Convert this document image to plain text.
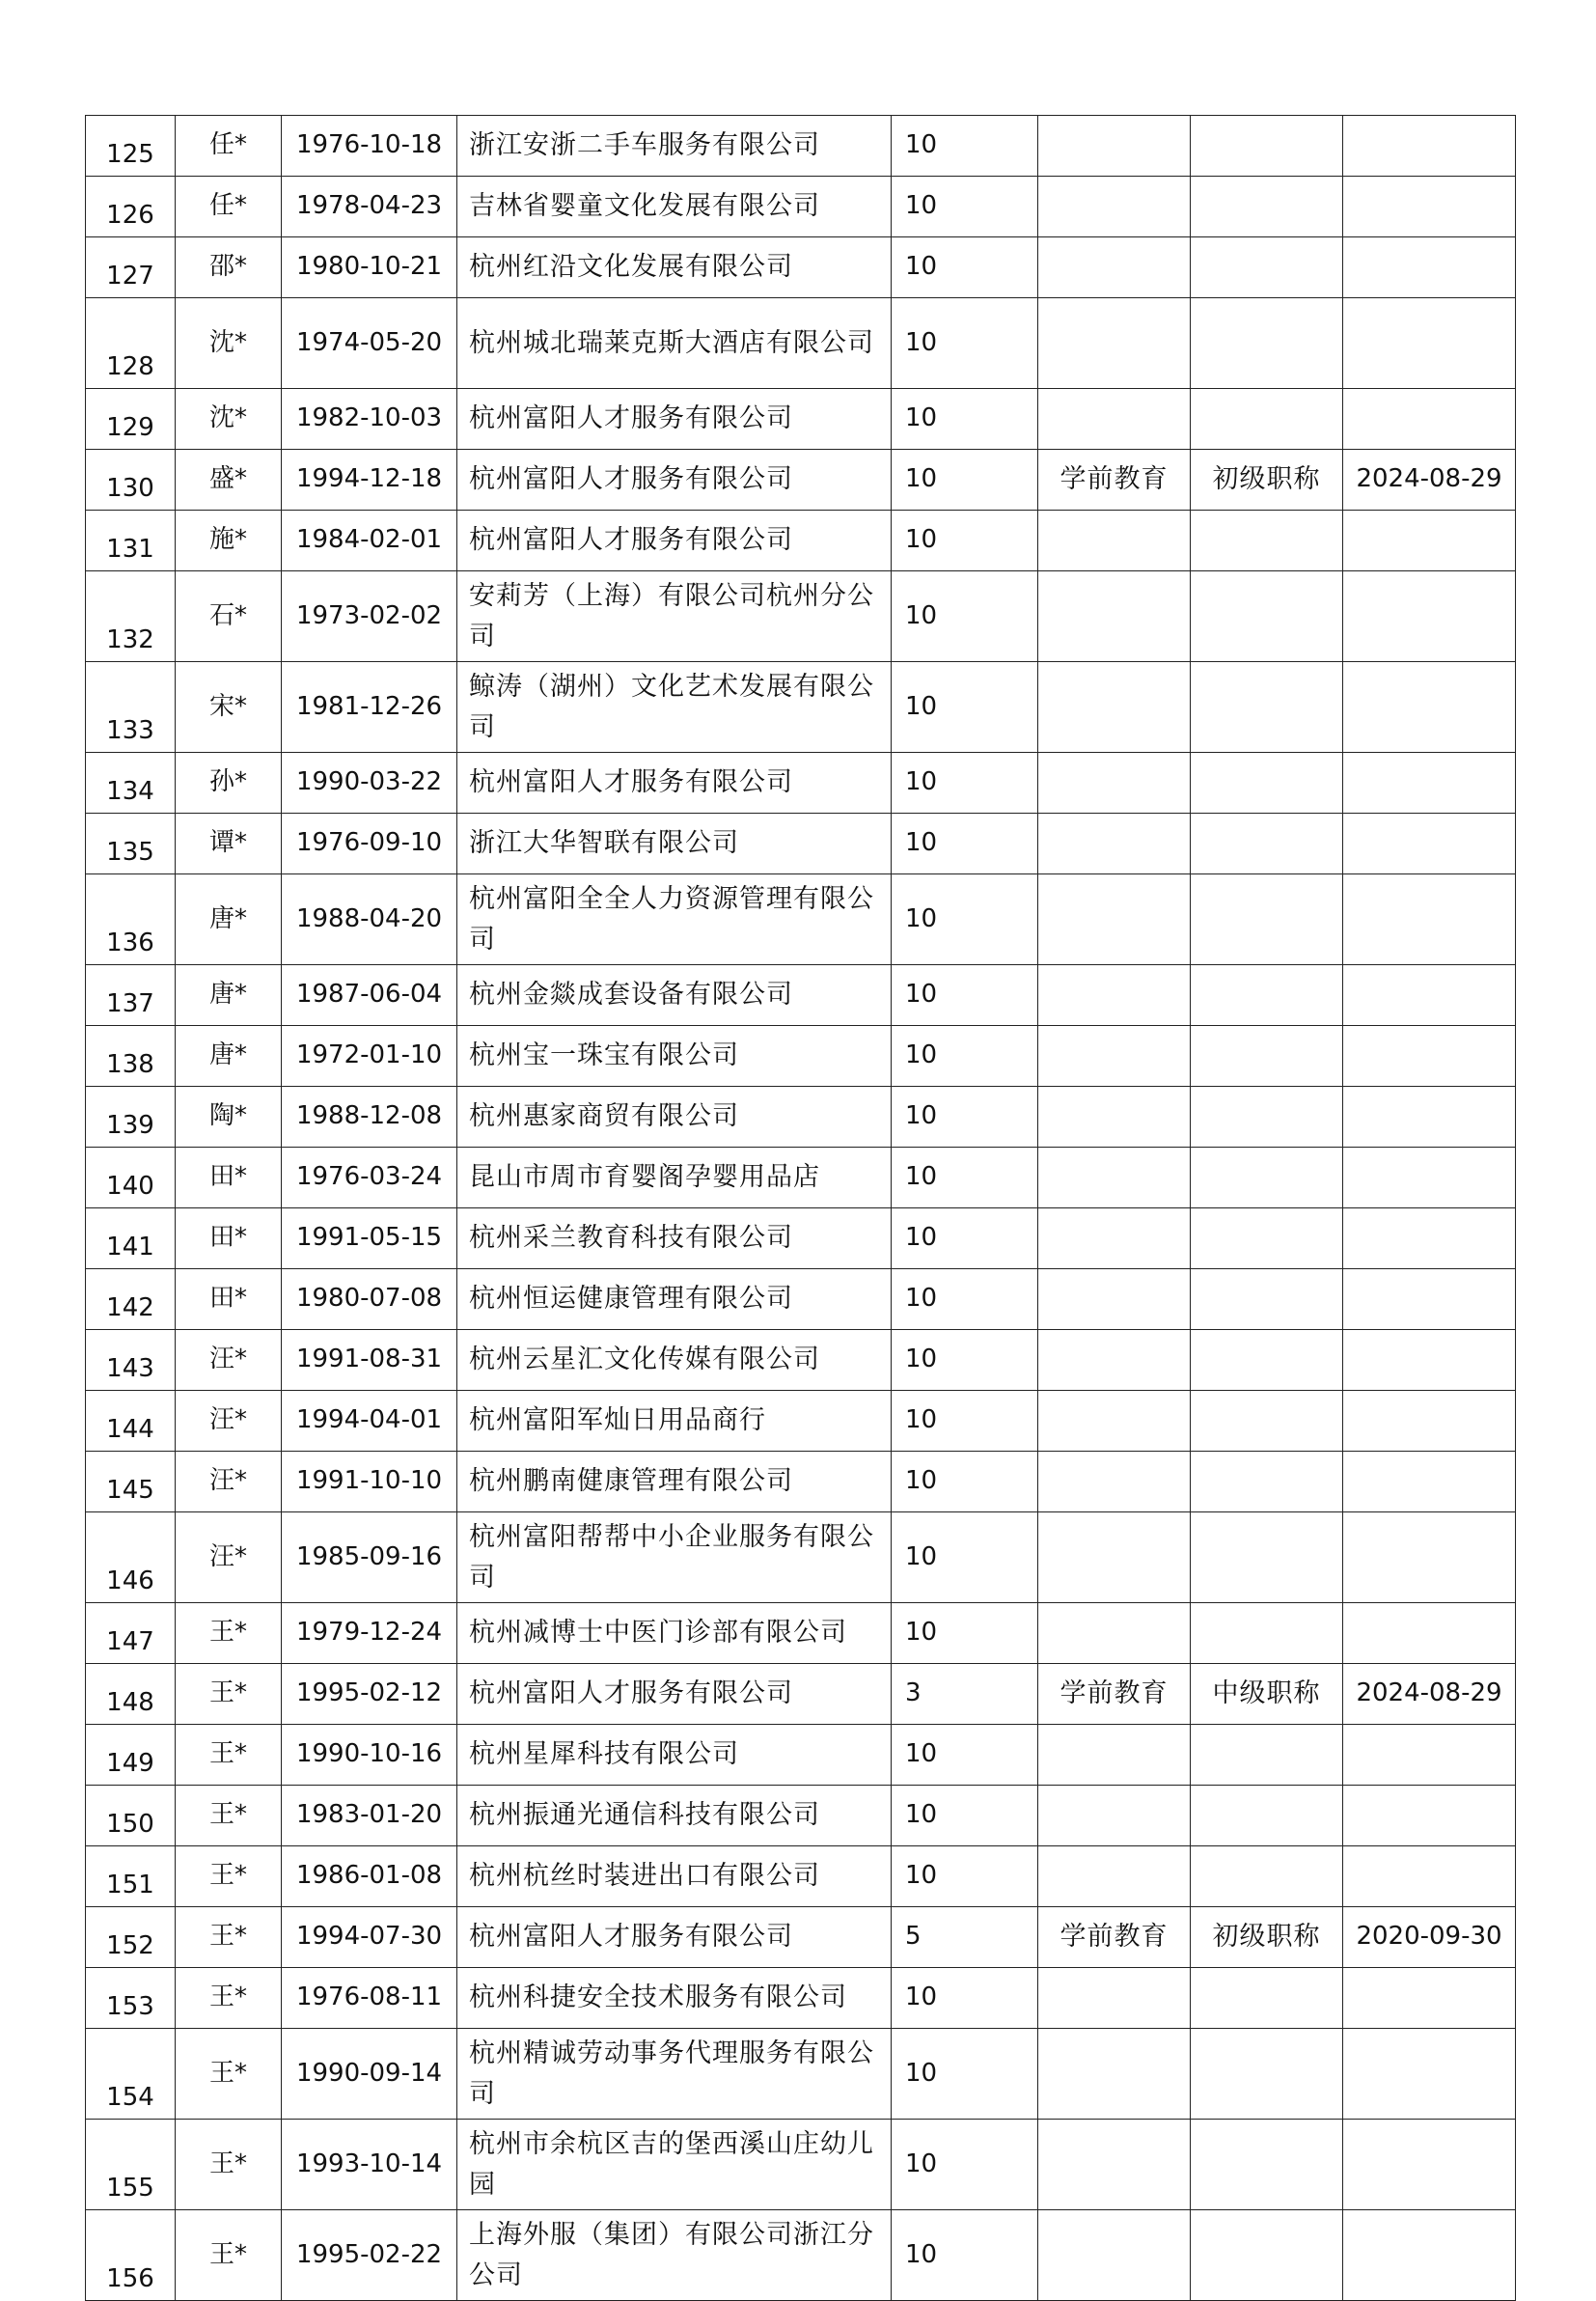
125	任*	1976-10-18	浙江安浙二手车服务有限公司	10			
126	任*	1978-04-23	吉林省婴童文化发展有限公司	10			
127	邵*	1980-10-21	杭州红沿文化发展有限公司	10			
128	沈*	1974-05-20	杭州城北瑞莱克斯大酒店有限公司	10			
129	沈*	1982-10-03	杭州富阳人才服务有限公司	10			
130	盛*	1994-12-18	杭州富阳人才服务有限公司	10	学前教育	初级职称	2024-08-29
131	施*	1984-02-01	杭州富阳人才服务有限公司	10			
132	石*	1973-02-02	安莉芳（上海）有限公司杭州分公司	10			
133	宋*	1981-12-26	鲸涛（湖州）文化艺术发展有限公司	10			
134	孙*	1990-03-22	杭州富阳人才服务有限公司	10			
135	谭*	1976-09-10	浙江大华智联有限公司	10			
136	唐*	1988-04-20	杭州富阳全全人力资源管理有限公司	10			
137	唐*	1987-06-04	杭州金燚成套设备有限公司	10			
138	唐*	1972-01-10	杭州宝一珠宝有限公司	10			
139	陶*	1988-12-08	杭州惠家商贸有限公司	10			
140	田*	1976-03-24	昆山市周市育婴阁孕婴用品店	10			
141	田*	1991-05-15	杭州采兰教育科技有限公司	10			
142	田*	1980-07-08	杭州恒运健康管理有限公司	10			
143	汪*	1991-08-31	杭州云星汇文化传媒有限公司	10			
144	汪*	1994-04-01	杭州富阳军灿日用品商行	10			
145	汪*	1991-10-10	杭州鹏南健康管理有限公司	10			
146	汪*	1985-09-16	杭州富阳帮帮中小企业服务有限公司	10			
147	王*	1979-12-24	杭州减博士中医门诊部有限公司	10			
148	王*	1995-02-12	杭州富阳人才服务有限公司	3	学前教育	中级职称	2024-08-29
149	王*	1990-10-16	杭州星犀科技有限公司	10			
150	王*	1983-01-20	杭州振通光通信科技有限公司	10			
151	王*	1986-01-08	杭州杭丝时装进出口有限公司	10			
152	王*	1994-07-30	杭州富阳人才服务有限公司	5	学前教育	初级职称	2020-09-30
153	王*	1976-08-11	杭州科捷安全技术服务有限公司	10			
154	王*	1990-09-14	杭州精诚劳动事务代理服务有限公司	10			
155	王*	1993-10-14	杭州市余杭区吉的堡西溪山庄幼儿园	10			
156	王*	1995-02-22	上海外服（集团）有限公司浙江分公司	10			
